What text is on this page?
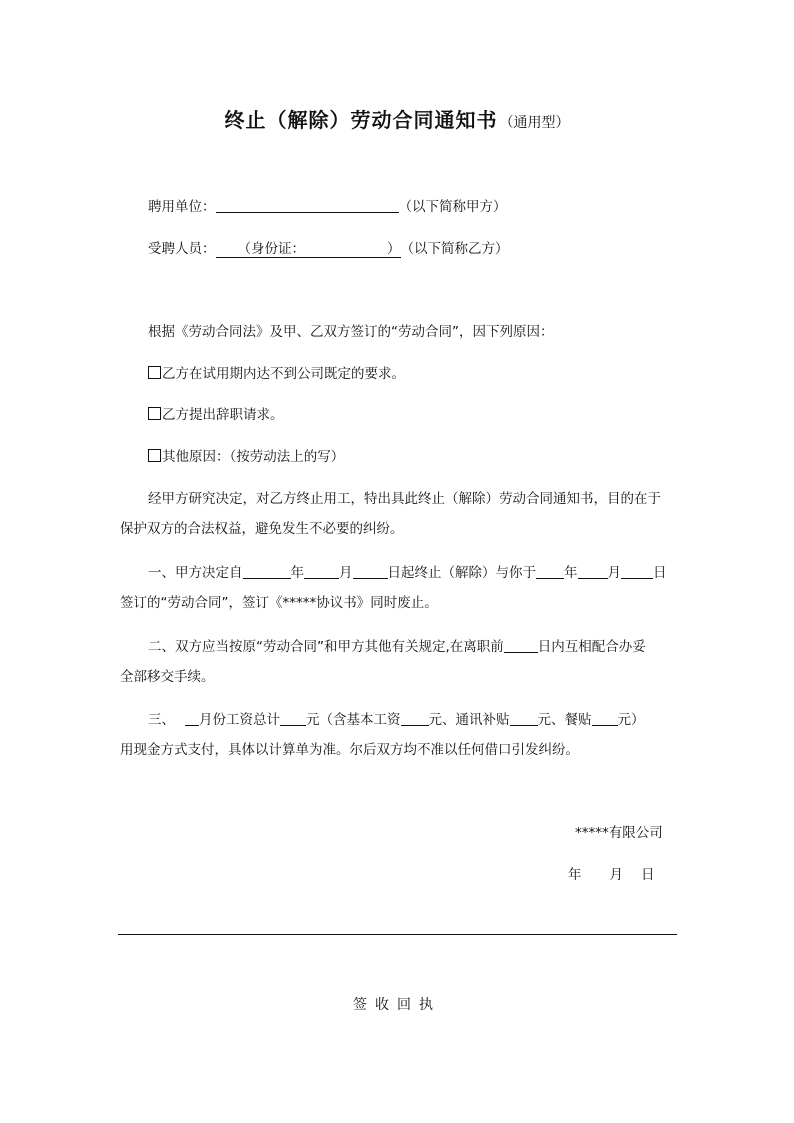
终止（解除）劳动合同通知书 （通用型）
聘用单位：	（以下简称甲方）
受聘人员： （身份证：	）（以下简称乙方）
根据《劳动合同法》及甲、乙双方签订的“劳动合同”，因下列原因：
乙方在试用期内达不到公司既定的要求。
乙方提出辞职请求。
其他原因：（按劳动法上的写）
经甲方研究决定，对乙方终止用工，特出具此终止（解除）劳动合同通知书，目的在于
保护双方的合法权益，避免发生不必要的纠纷。
一、甲方决定自	年	月	日起终止（解除）与你于 年 月 日
签订的“劳动合同”，签订《*****协议书》同时废止。
二、双方应当按原“劳动合同”和甲方其他有关规定,在离职前	日内互相配合办妥
全部移交手续。
三、 月份工资总计 元（含基本工资 元、通讯补贴 元、餐贴 元）
用现金方式支付，具体以计算单为准。尔后双方均不准以任何借口引发纠纷。
*****有限公司
年 月 日
签收回执
